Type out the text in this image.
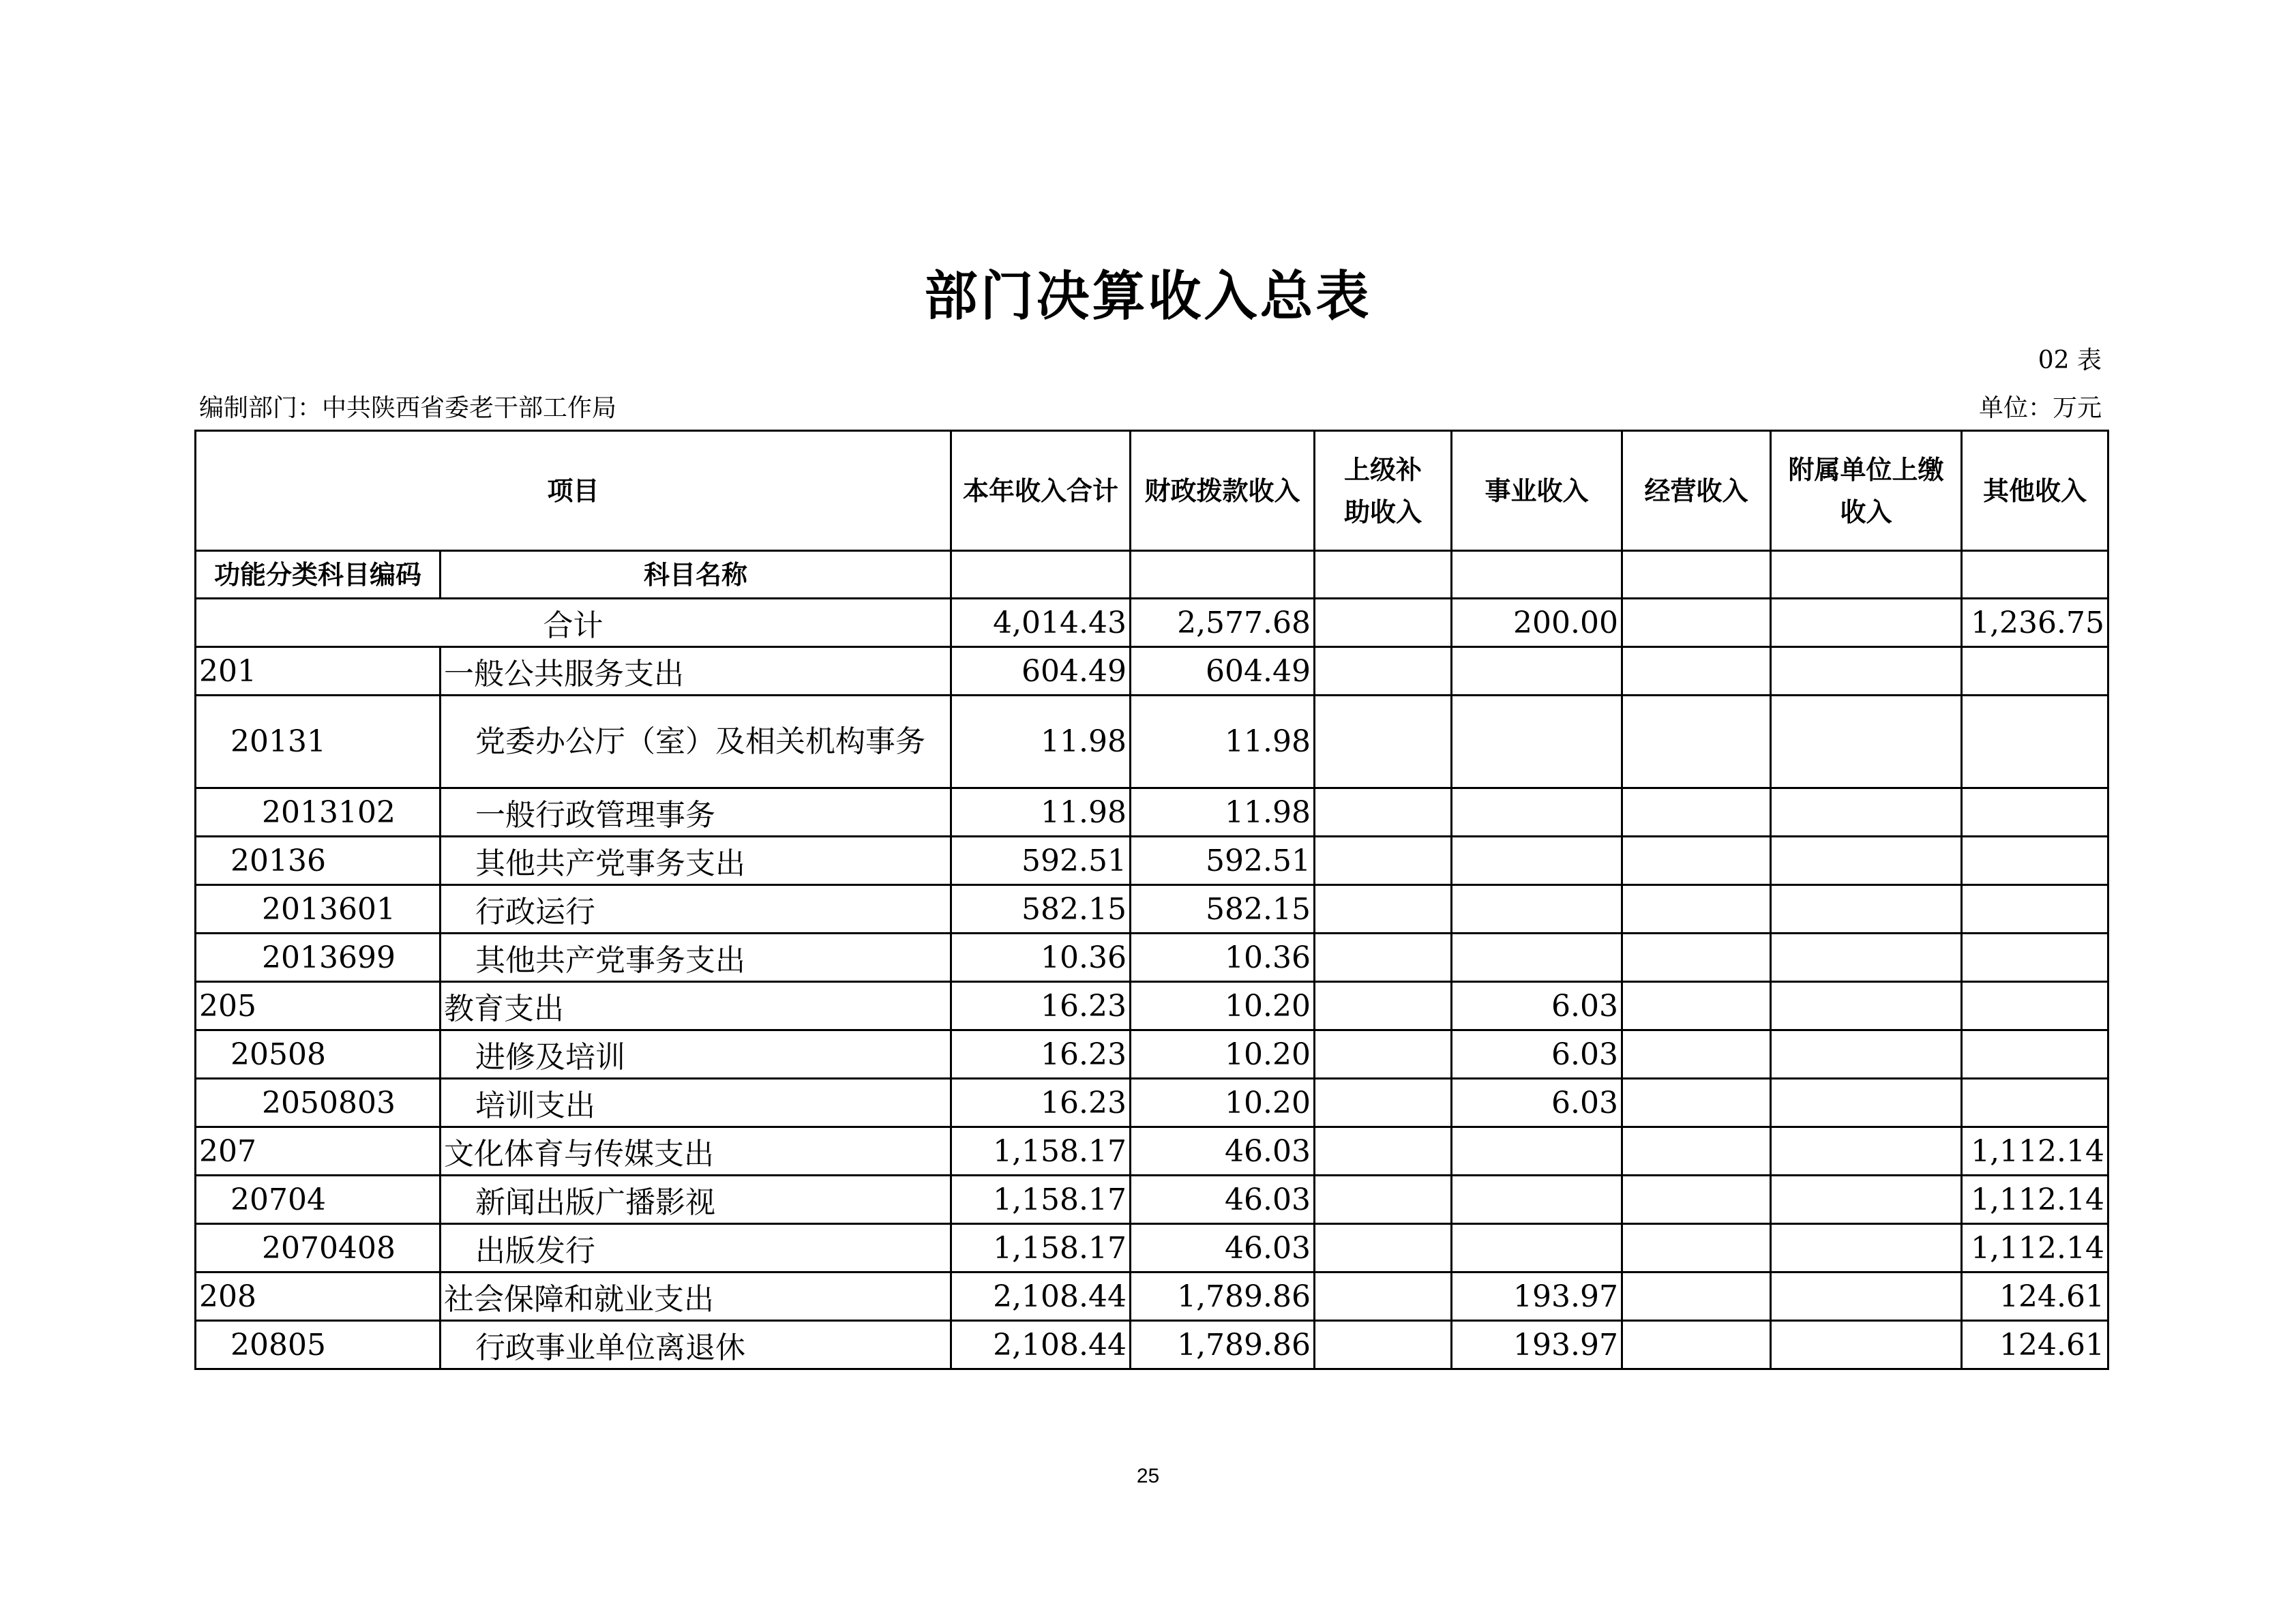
部门决算收入总表
02 表
编制部门：中共陕西省委老干部工作局	单位：万元
项目		本年收入合计	财政拨款收入	上级补助收入	事业收入	经营收入	附属单位上缴收入	其他收入
功能分类科目编码	科目名称							
合计		4,014.43	2,577.68		200.00			1,236.75
201	一般公共服务支出	604.49	604.49					
20131	党委办公厅（室）及相关机构事务	11.98	11.98					
2013102	一般行政管理事务	11.98	11.98					
20136	其他共产党事务支出	592.51	592.51					
2013601	行政运行	582.15	582.15					
2013699	其他共产党事务支出	10.36	10.36					
205	教育支出	16.23	10.20		6.03			
20508	进修及培训	16.23	10.20		6.03			
2050803	培训支出	16.23	10.20		6.03			
207	文化体育与传媒支出	1,158.17	46.03					1,112.14
20704	新闻出版广播影视	1,158.17	46.03					1,112.14
2070408	出版发行	1,158.17	46.03					1,112.14
208	社会保障和就业支出	2,108.44	1,789.86		193.97			124.61
20805	行政事业单位离退休	2,108.44	1,789.86		193.97			124.61
25
